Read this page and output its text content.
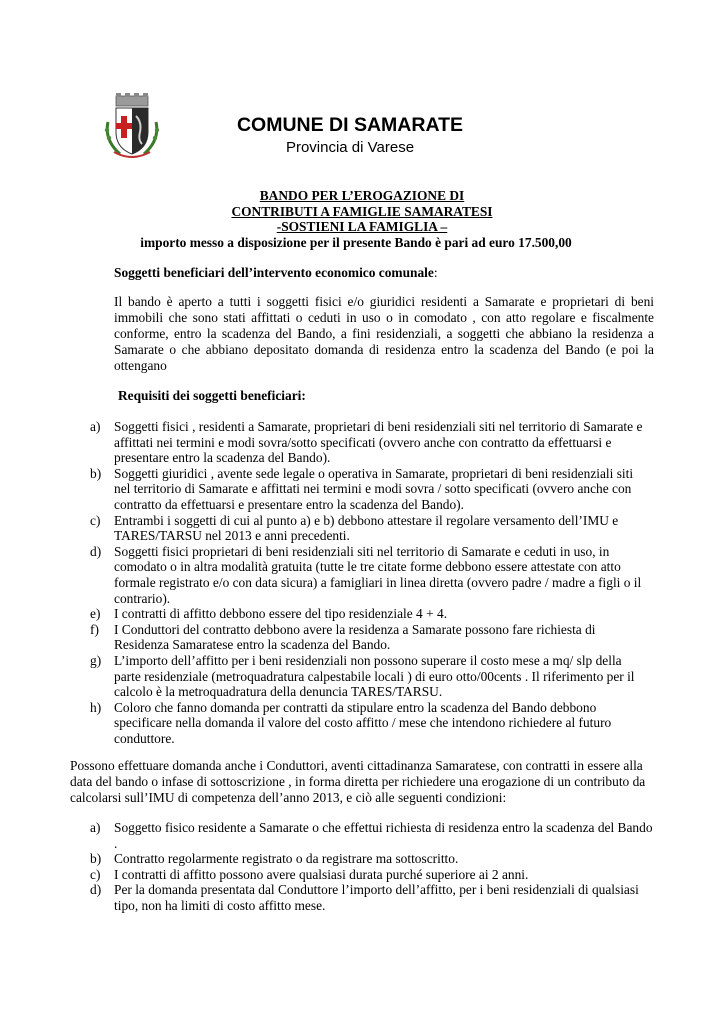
COMUNE DI SAMARATE
Provincia di Varese
BANDO PER L’EROGAZIONE DI
CONTRIBUTI A FAMIGLIE SAMARATESI
-SOSTIENI LA FAMIGLIA –
importo messo a disposizione per il presente Bando è pari ad euro 17.500,00
Soggetti beneficiari dell’intervento economico comunale:
Il bando è aperto a tutti i soggetti fisici e/o giuridici residenti a Samarate e proprietari di beni immobili che sono stati affittati o ceduti in uso o in comodato , con atto regolare e fiscalmente conforme, entro la scadenza del Bando, a fini residenziali, a soggetti che abbiano la residenza a Samarate o che abbiano depositato domanda di residenza entro la scadenza del Bando (e poi la ottengano
Requisiti dei soggetti beneficiari:
a) Soggetti fisici , residenti a Samarate, proprietari di beni residenziali siti nel territorio di Samarate e affittati nei termini e modi sovra/sotto specificati (ovvero anche con contratto da effettuarsi e presentare entro la scadenza del Bando).
b) Soggetti giuridici , avente sede legale o operativa in Samarate, proprietari di beni residenziali siti nel territorio di Samarate e affittati nei termini e modi sovra / sotto specificati (ovvero anche con contratto da effettuarsi e presentare entro la scadenza del Bando).
c) Entrambi i soggetti di cui al punto a) e b) debbono attestare il regolare versamento dell’IMU e TARES/TARSU nel 2013 e anni precedenti.
d) Soggetti fisici proprietari di beni residenziali siti nel territorio di Samarate e ceduti in uso, in comodato o in altra modalità gratuita (tutte le tre citate forme debbono essere attestate con atto formale registrato e/o con data sicura) a famigliari in linea diretta (ovvero padre / madre a figli o il contrario).
e) I contratti di affitto debbono essere del tipo residenziale 4 + 4.
f) I Conduttori del contratto debbono avere la residenza a Samarate possono fare richiesta di Residenza Samaratese entro la scadenza del Bando.
g) L’importo dell’affitto per i beni residenziali non possono superare il costo mese a mq/ slp della parte residenziale (metroquadratura calpestabile locali ) di euro otto/00cents . Il riferimento per il calcolo è la metroquadratura della denuncia TARES/TARSU.
h) Coloro che fanno domanda per contratti da stipulare entro la scadenza del Bando debbono specificare nella domanda il valore del costo affitto / mese che intendono richiedere al futuro conduttore.
Possono effettuare domanda anche i Conduttori, aventi cittadinanza Samaratese, con contratti in essere alla data del bando o infase di sottoscrizione , in forma diretta per richiedere una erogazione di un contributo da calcolarsi sull’IMU di competenza dell’anno 2013, e ciò alle seguenti condizioni:
a) Soggetto fisico residente a Samarate o che effettui richiesta di residenza entro la scadenza del Bando .
b) Contratto regolarmente registrato o da registrare ma sottoscritto.
c) I contratti di affitto possono avere qualsiasi durata purché superiore ai 2 anni.
d) Per la domanda presentata dal Conduttore l’importo dell’affitto, per i beni residenziali di qualsiasi tipo, non ha limiti di costo affitto mese.
